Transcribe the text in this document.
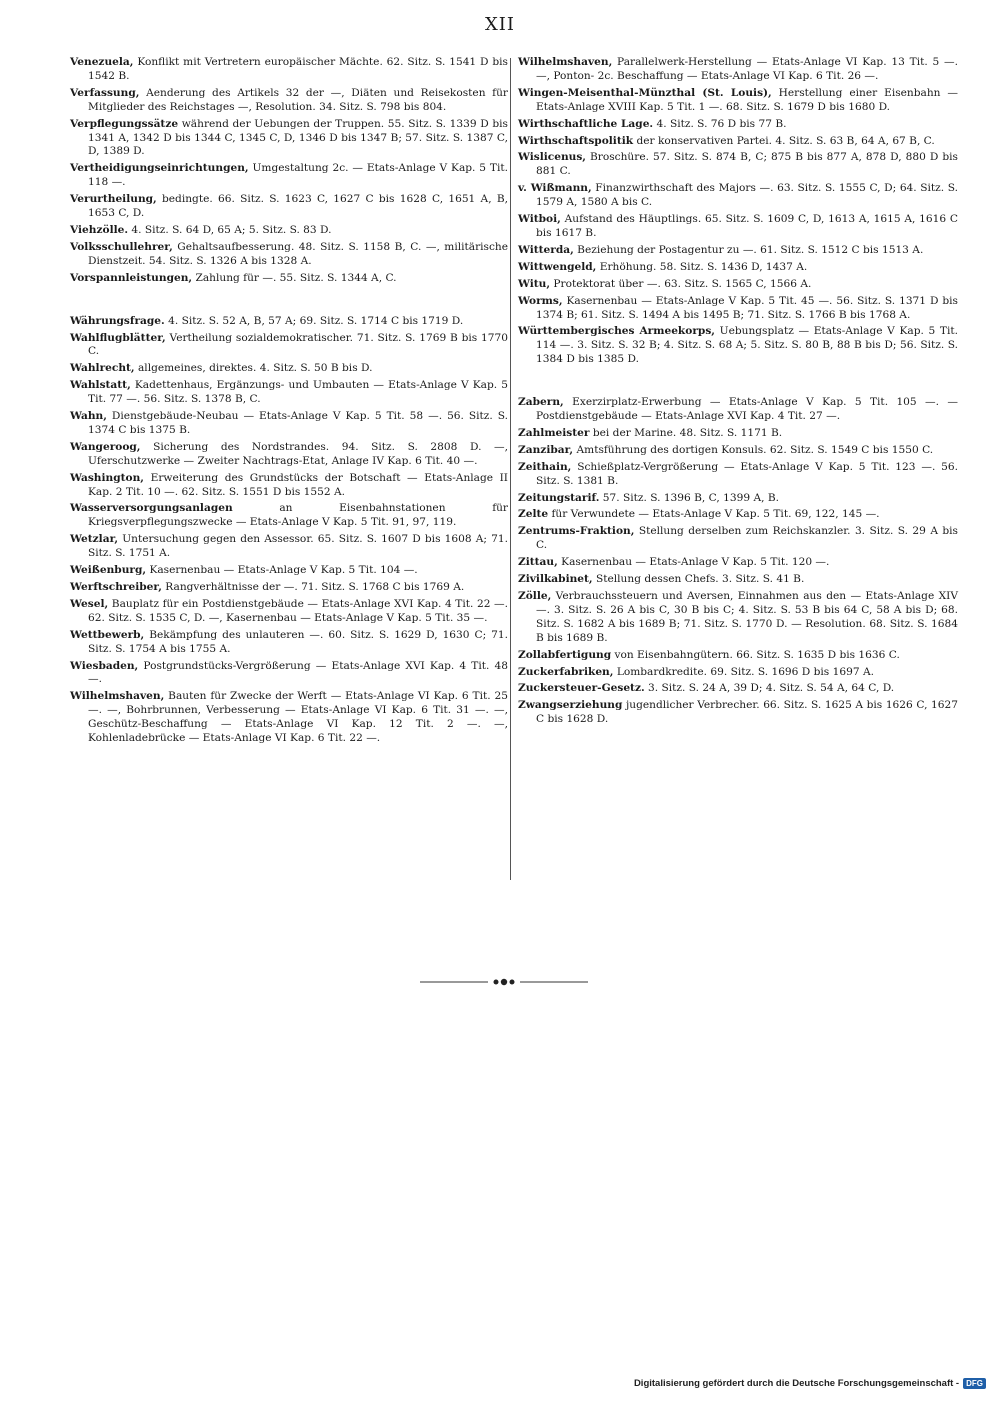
XII
Venezuela, Konflikt mit Vertretern europäischer Mächte. 62. Sitz. S. 1541 D bis 1542 B.
Verfassung, Aenderung des Artikels 32 der —, Diäten und Reisekosten für Mitglieder des Reichstages —, Resolution. 34. Sitz. S. 798 bis 804.
Verpflegungssätze während der Uebungen der Truppen. 55. Sitz. S. 1339 D bis 1341 A, 1342 D bis 1344 C, 1345 C, D, 1346 D bis 1347 B; 57. Sitz. S. 1387 C, D, 1389 D.
Vertheidigungseinrichtungen, Umgestaltung 2c. — Etats-Anlage V Kap. 5 Tit. 118 —.
Verurtheilung, bedingte. 66. Sitz. S. 1623 C, 1627 C bis 1628 C, 1651 A, B, 1653 C, D.
Viehzölle. 4. Sitz. S. 64 D, 65 A; 5. Sitz. S. 83 D.
Volksschullehrer, Gehaltsaufbesserung. 48. Sitz. S. 1158 B, C. —, militärische Dienstzeit. 54. Sitz. S. 1326 A bis 1328 A.
Vorspannleistungen, Zahlung für —. 55. Sitz. S. 1344 A, C.
Währungsfrage. 4. Sitz. S. 52 A, B, 57 A; 69. Sitz. S. 1714 C bis 1719 D.
Wahlflugblätter, Vertheilung sozialdemokratischer. 71. Sitz. S. 1769 B bis 1770 C.
Wahlrecht, allgemeines, direktes. 4. Sitz. S. 50 B bis D.
Wahlstatt, Kadettenhaus, Ergänzungs- und Umbauten — Etats-Anlage V Kap. 5 Tit. 77 —. 56. Sitz. S. 1378 B, C.
Wahn, Dienstgebäude-Neubau — Etats-Anlage V Kap. 5 Tit. 58 —. 56. Sitz. S. 1374 C bis 1375 B.
Wangeroog, Sicherung des Nordstrandes. 94. Sitz. S. 2808 D. —, Uferschutzwerke — Zweiter Nachtrags-Etat, Anlage IV Kap. 6 Tit. 40 —.
Washington, Erweiterung des Grundstücks der Botschaft — Etats-Anlage II Kap. 2 Tit. 10 —. 62. Sitz. S. 1551 D bis 1552 A.
Wasserversorgungsanlagen an Eisenbahnstationen für Kriegsverpflegungszwecke — Etats-Anlage V Kap. 5 Tit. 91, 97, 119.
Wetzlar, Untersuchung gegen den Assessor. 65. Sitz. S. 1607 D bis 1608 A; 71. Sitz. S. 1751 A.
Weißenburg, Kasernenbau — Etats-Anlage V Kap. 5 Tit. 104 —.
Werftschreiber, Rangverhältnisse der —. 71. Sitz. S. 1768 C bis 1769 A.
Wesel, Bauplatz für ein Postdienstgebäude — Etats-Anlage XVI Kap. 4 Tit. 22 —. 62. Sitz. S. 1535 C, D. —, Kasernenbau — Etats-Anlage V Kap. 5 Tit. 35 —.
Wettbewerb, Bekämpfung des unlauteren —. 60. Sitz. S. 1629 D, 1630 C; 71. Sitz. S. 1754 A bis 1755 A.
Wiesbaden, Postgrundstücks-Vergrößerung — Etats-Anlage XVI Kap. 4 Tit. 48 —.
Wilhelmshaven, Bauten für Zwecke der Werft — Etats-Anlage VI Kap. 6 Tit. 25 —. —, Bohrbrunnen, Verbesserung — Etats-Anlage VI Kap. 6 Tit. 31 —. —, Geschütz-Beschaffung — Etats-Anlage VI Kap. 12 Tit. 2 —. —, Kohlenladebrücke — Etats-Anlage VI Kap. 6 Tit. 22 —.
Wilhelmshaven, Parallelwerk-Herstellung — Etats-Anlage VI Kap. 13 Tit. 5 —. —, Ponton- 2c. Beschaffung — Etats-Anlage VI Kap. 6 Tit. 26 —.
Wingen-Meisenthal-Münzthal (St. Louis), Herstellung einer Eisenbahn — Etats-Anlage XVIII Kap. 5 Tit. 1 —. 68. Sitz. S. 1679 D bis 1680 D.
Wirthschaftliche Lage. 4. Sitz. S. 76 D bis 77 B.
Wirthschaftspolitik der konservativen Partei. 4. Sitz. S. 63 B, 64 A, 67 B, C.
Wislicenus, Broschüre. 57. Sitz. S. 874 B, C; 875 B bis 877 A, 878 D, 880 D bis 881 C.
v. Wißmann, Finanzwirthschaft des Majors —. 63. Sitz. S. 1555 C, D; 64. Sitz. S. 1579 A, 1580 A bis C.
Witboi, Aufstand des Häuptlings. 65. Sitz. S. 1609 C, D, 1613 A, 1615 A, 1616 C bis 1617 B.
Witterda, Beziehung der Postagentur zu —. 61. Sitz. S. 1512 C bis 1513 A.
Wittwengeld, Erhöhung. 58. Sitz. S. 1436 D, 1437 A.
Witu, Protektorat über —. 63. Sitz. S. 1565 C, 1566 A.
Worms, Kasernenbau — Etats-Anlage V Kap. 5 Tit. 45 —. 56. Sitz. S. 1371 D bis 1374 B; 61. Sitz. S. 1494 A bis 1495 B; 71. Sitz. S. 1766 B bis 1768 A.
Württembergisches Armeekorps, Uebungsplatz — Etats-Anlage V Kap. 5 Tit. 114 —. 3. Sitz. S. 32 B; 4. Sitz. S. 68 A; 5. Sitz. S. 80 B, 88 B bis D; 56. Sitz. S. 1384 D bis 1385 D.
Zabern, Exerzirplatz-Erwerbung — Etats-Anlage V Kap. 5 Tit. 105 —. — Postdienstgebäude — Etats-Anlage XVI Kap. 4 Tit. 27 —.
Zahlmeister bei der Marine. 48. Sitz. S. 1171 B.
Zanzibar, Amtsführung des dortigen Konsuls. 62. Sitz. S. 1549 C bis 1550 C.
Zeithain, Schießplatz-Vergrößerung — Etats-Anlage V Kap. 5 Tit. 123 —. 56. Sitz. S. 1381 B.
Zeitungstarif. 57. Sitz. S. 1396 B, C, 1399 A, B.
Zelte für Verwundete — Etats-Anlage V Kap. 5 Tit. 69, 122, 145 —.
Zentrums-Fraktion, Stellung derselben zum Reichskanzler. 3. Sitz. S. 29 A bis C.
Zittau, Kasernenbau — Etats-Anlage V Kap. 5 Tit. 120 —.
Zivilkabinet, Stellung dessen Chefs. 3. Sitz. S. 41 B.
Zölle, Verbrauchssteuern und Aversen, Einnahmen aus den — Etats-Anlage XIV —. 3. Sitz. S. 26 A bis C, 30 B bis C; 4. Sitz. S. 53 B bis 64 C, 58 A bis D; 68. Sitz. S. 1682 A bis 1689 B; 71. Sitz. S. 1770 D. — Resolution. 68. Sitz. S. 1684 B bis 1689 B.
Zollabfertigung von Eisenbahngütern. 66. Sitz. S. 1635 D bis 1636 C.
Zuckerfabriken, Lombardkredite. 69. Sitz. S. 1696 D bis 1697 A.
Zuckersteuer-Gesetz. 3. Sitz. S. 24 A, 39 D; 4. Sitz. S. 54 A, 64 C, D.
Zwangserziehung jugendlicher Verbrecher. 66. Sitz. S. 1625 A bis 1626 C, 1627 C bis 1628 D.
Digitalisierung gefördert durch die Deutsche Forschungsgemeinschaft - DFG
